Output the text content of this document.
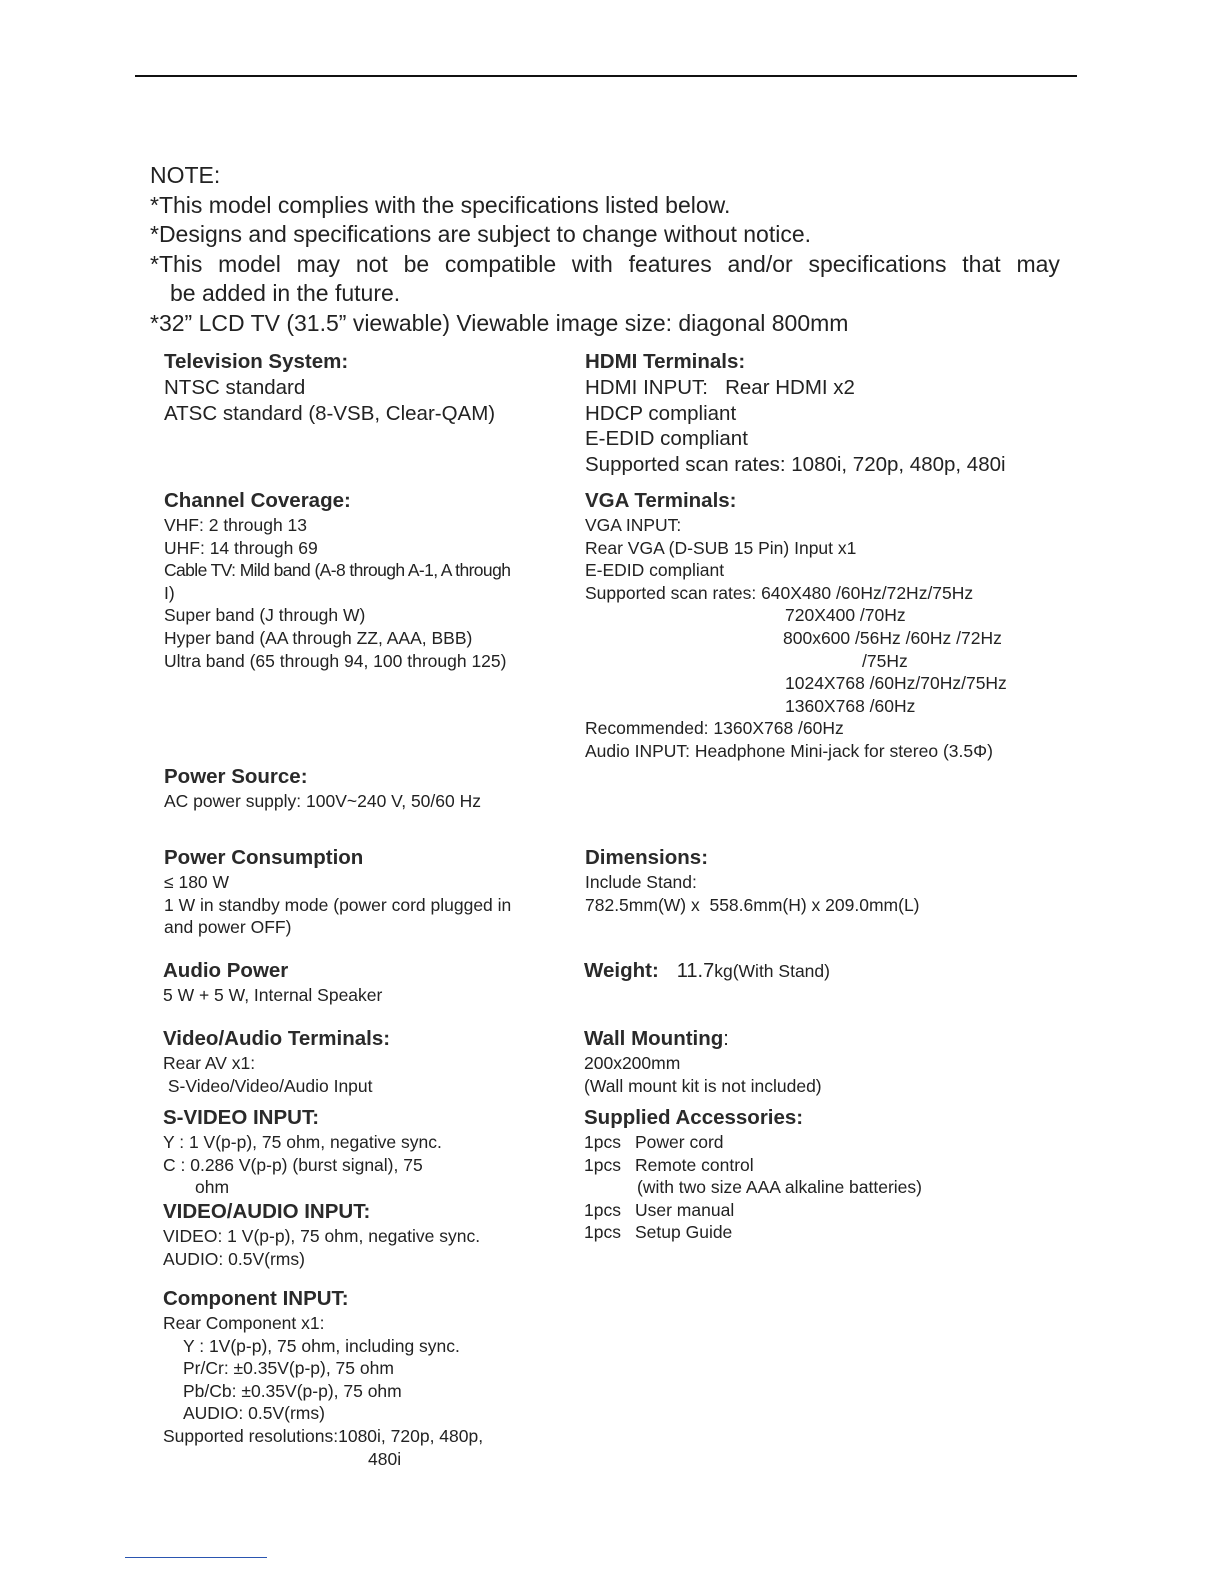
NOTE:
*This model complies with the specifications listed below.
*Designs and specifications are subject to change without notice.
*This model may not be compatible with features and/or specifications that may
be added in the future.
*32” LCD TV (31.5” viewable) Viewable image size: diagonal 800mm
Television System:
NTSC standard
ATSC standard (8-VSB, Clear-QAM)
HDMI Terminals:
HDMI INPUT:   Rear HDMI x2
HDCP compliant
E-EDID compliant
Supported scan rates: 1080i, 720p, 480p, 480i
Channel Coverage:
VHF: 2 through 13
UHF: 14 through 69
Cable TV: Mild band (A-8 through A-1, A through
I)
Super band (J through W)
Hyper band (AA through ZZ, AAA, BBB)
Ultra band (65 through 94, 100 through 125)
VGA Terminals:
VGA INPUT:
Rear VGA (D-SUB 15 Pin) Input x1
E-EDID compliant
Supported scan rates: 640X480 /60Hz/72Hz/75Hz
720X400 /70Hz
800x600 /56Hz /60Hz /72Hz
/75Hz
1024X768 /60Hz/70Hz/75Hz
1360X768 /60Hz
Recommended: 1360X768 /60Hz
Audio INPUT: Headphone Mini-jack for stereo (3.5Φ)
Power Source:
AC power supply: 100V~240 V, 50/60 Hz
Power Consumption
≤ 180 W
1 W in standby mode (power cord plugged in
and power OFF)
Dimensions:
Include Stand:
782.5mm(W) x  558.6mm(H) x 209.0mm(L)
Audio Power
5 W + 5 W, Internal Speaker
Weight: 11.7kg(With Stand)
Video/Audio Terminals:
Rear AV x1:
S-Video/Video/Audio Input
Wall Mounting:
200x200mm
(Wall mount kit is not included)
S-VIDEO INPUT:
Y : 1 V(p-p), 75 ohm, negative sync.
C : 0.286 V(p-p) (burst signal), 75
ohm
Supplied Accessories:
1pcs Power cord
1pcs Remote control
(with two size AAA alkaline batteries)
1pcs User manual
1pcs Setup Guide
VIDEO/AUDIO INPUT:
VIDEO: 1 V(p-p), 75 ohm, negative sync.
AUDIO: 0.5V(rms)
Component INPUT:
Rear Component x1:
Y : 1V(p-p), 75 ohm, including sync.
Pr/Cr: ±0.35V(p-p), 75 ohm
Pb/Cb: ±0.35V(p-p), 75 ohm
AUDIO: 0.5V(rms)
Supported resolutions:1080i, 720p, 480p,
480i
